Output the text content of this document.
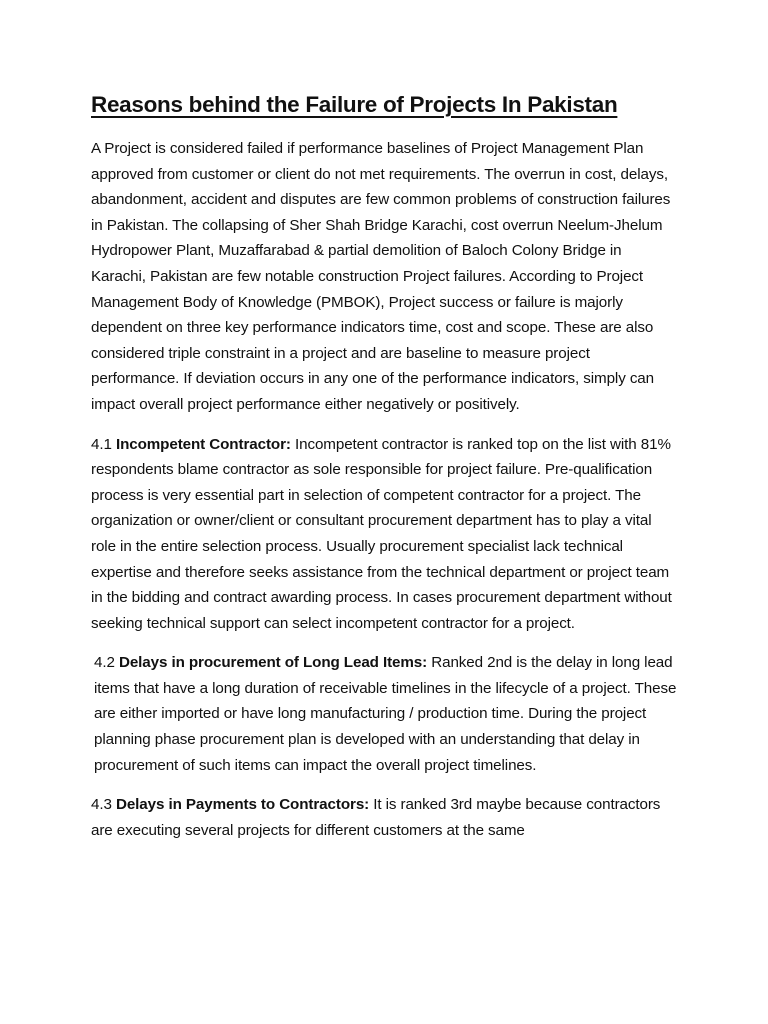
Reasons behind the Failure of Projects In Pakistan

A Project is considered failed if performance baselines of Project Management Plan approved from customer or client do not met requirements. The overrun in cost, delays, abandonment, accident and disputes are few common problems of construction failures in Pakistan. The collapsing of Sher Shah Bridge Karachi, cost overrun Neelum-Jhelum Hydropower Plant, Muzaffarabad & partial demolition of Baloch Colony Bridge in Karachi, Pakistan are few notable construction Project failures. According to Project Management Body of Knowledge (PMBOK), Project success or failure is majorly dependent on three key performance indicators time, cost and scope. These are also considered triple constraint in a project and are baseline to measure project performance. If deviation occurs in any one of the performance indicators, simply can impact overall project performance either negatively or positively.

4.1 Incompetent Contractor: Incompetent contractor is ranked top on the list with 81% respondents blame contractor as sole responsible for project failure. Pre-qualification process is very essential part in selection of competent contractor for a project. The organization or owner/client or consultant procurement department has to play a vital role in the entire selection process. Usually procurement specialist lack technical expertise and therefore seeks assistance from the technical department or project team in the bidding and contract awarding process. In cases procurement department without seeking technical support can select incompetent contractor for a project.

4.2 Delays in procurement of Long Lead Items: Ranked 2nd is the delay in long lead items that have a long duration of receivable timelines in the lifecycle of a project. These are either imported or have long manufacturing / production time. During the project planning phase procurement plan is developed with an understanding that delay in procurement of such items can impact the overall project timelines.

4.3 Delays in Payments to Contractors: It is ranked 3rd maybe because contractors are executing several projects for different customers at the same
